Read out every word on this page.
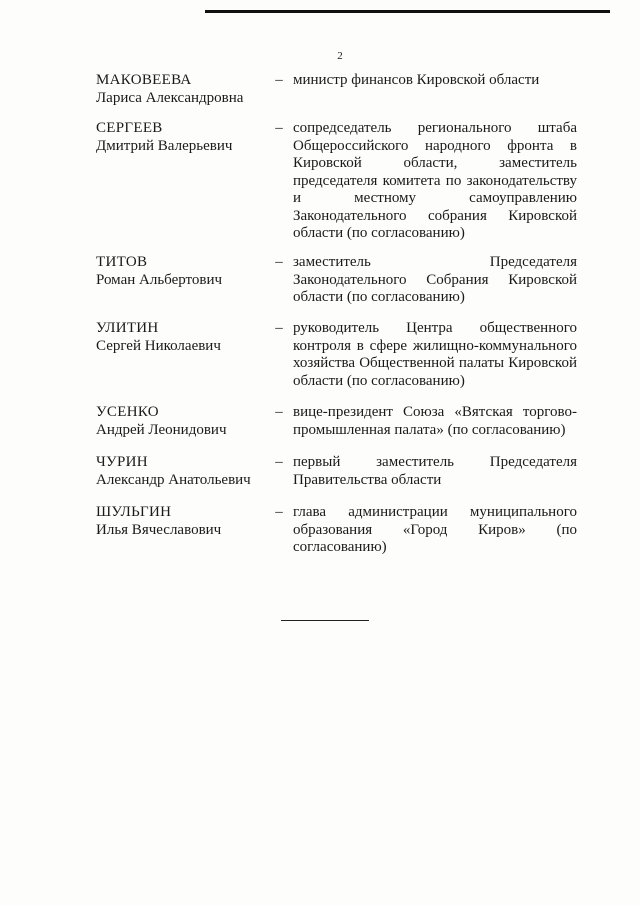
2
МАКОВЕЕВА
Лариса Александровна
– министр финансов Кировской области
СЕРГЕЕВ
Дмитрий Валерьевич
– сопредседатель регионального штаба Общероссийского народного фронта в Кировской области, заместитель председателя комитета по законодательству и местному самоуправлению Законодательного собрания Кировской области (по согласованию)
ТИТОВ
Роман Альбертович
– заместитель Председателя Законодательного Собрания Кировской области (по согласованию)
УЛИТИН
Сергей Николаевич
– руководитель Центра общественного контроля в сфере жилищно-коммунального хозяйства Общественной палаты Кировской области (по согласованию)
УСЕНКО
Андрей Леонидович
– вице-президент Союза «Вятская торгово-промышленная палата» (по согласованию)
ЧУРИН
Александр Анатольевич
– первый заместитель Председателя Правительства области
ШУЛЬГИН
Илья Вячеславович
– глава администрации муниципального образования «Город Киров» (по согласованию)
